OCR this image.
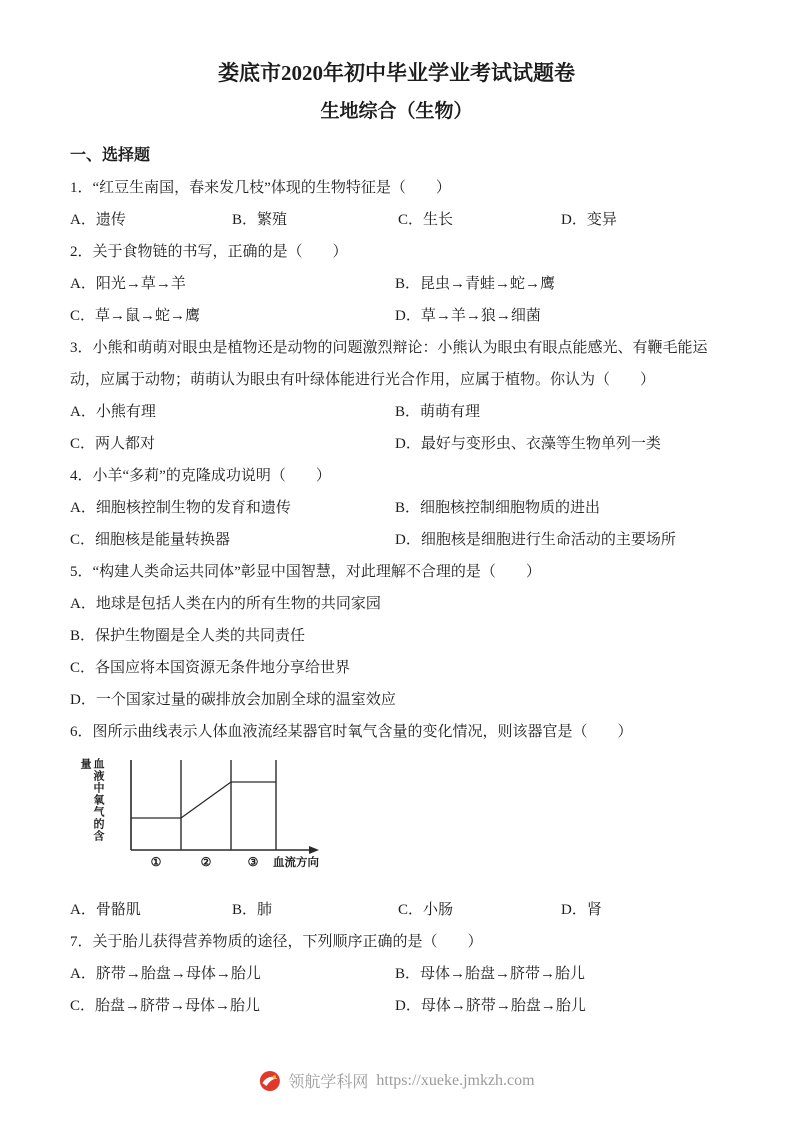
娄底市2020年初中毕业学业考试试题卷
生地综合（生物）
一、选择题

1．“红豆生南国，春来发几枝”体现的生物特征是（　　）

A．遗传	B．繁殖	C．生长	D．变异

2．关于食物链的书写，正确的是（　　）

A．阳光→草→羊	B．昆虫→青蛙→蛇→鹰
C．草→鼠→蛇→鹰	D．草→羊→狼→细菌

3．小熊和萌萌对眼虫是植物还是动物的问题激烈辩论：小熊认为眼虫有眼点能感光、有鞭毛能运动，应属于动物；萌萌认为眼虫有叶绿体能进行光合作用，应属于植物。你认为（　　）

A．小熊有理	B．萌萌有理
C．两人都对	D．最好与变形虫、衣藻等生物单列一类

4．小羊“多莉”的克隆成功说明（　　）

A．细胞核控制生物的发育和遗传	B．细胞核控制细胞物质的进出
C．细胞核是能量转换器	D．细胞核是细胞进行生命活动的主要场所

5．“构建人类命运共同体”彰显中国智慧，对此理解不合理的是（　　）

A．地球是包括人类在内的所有生物的共同家园
B．保护生物圈是全人类的共同责任
C．各国应将本国资源无条件地分享给世界
D．一个国家过量的碳排放会加剧全球的温室效应

6．图所示曲线表示人体血液流经某器官时氧气含量的变化情况，则该器官是（　　）

血液中氧气的含量
①	②	③ 血流方向
A．骨骼肌	B．肺	C．小肠	D．肾

7．关于胎儿获得营养物质的途径，下列顺序正确的是（　　）

A．脐带→胎盘→母体→胎儿	B．母体→胎盘→脐带→胎儿
C．胎盘→脐带→母体→胎儿	D．母体→脐带→胎盘→胎儿
领航学科网 https://xueke.jmkzh.com
